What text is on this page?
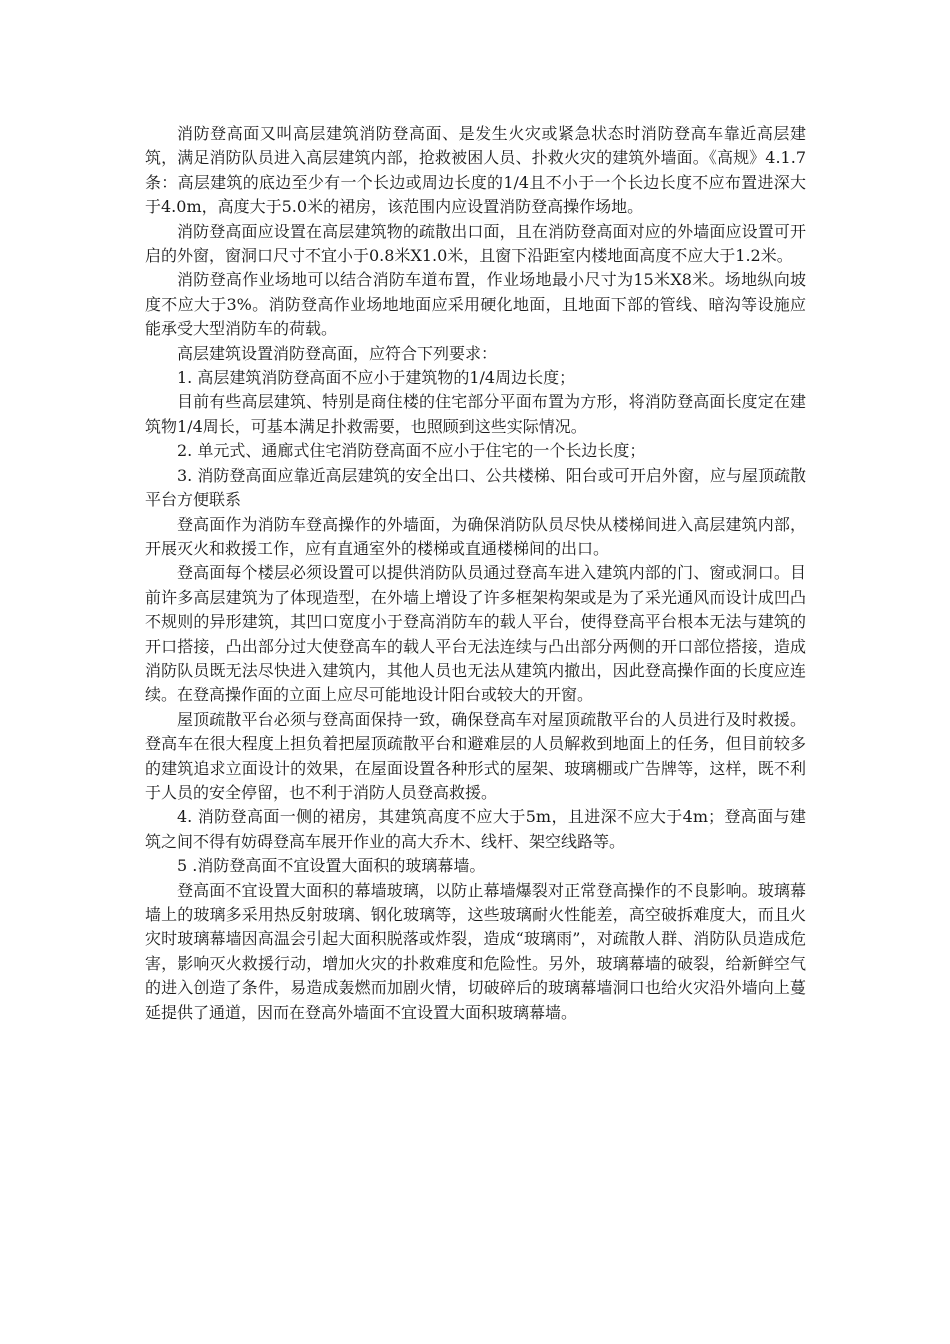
消防登高面又叫高层建筑消防登高面、是发生火灾或紧急状态时消防登高车靠近高层建筑，满足消防队员进入高层建筑内部，抢救被困人员、扑救火灾的建筑外墙面。《高规》4.1.7条：高层建筑的底边至少有一个长边或周边长度的1/4且不小于一个长边长度不应布置进深大于4.0m，高度大于5.0米的裙房，该范围内应设置消防登高操作场地。

消防登高面应设置在高层建筑物的疏散出口面，且在消防登高面对应的外墙面应设置可开启的外窗，窗洞口尺寸不宜小于0.8米X1.0米，且窗下沿距室内楼地面高度不应大于1.2米。

消防登高作业场地可以结合消防车道布置，作业场地最小尺寸为15米X8米。场地纵向坡度不应大于3%。消防登高作业场地地面应采用硬化地面，且地面下部的管线、暗沟等设施应能承受大型消防车的荷载。

高层建筑设置消防登高面，应符合下列要求：

1. 高层建筑消防登高面不应小于建筑物的1/4周边长度；

目前有些高层建筑、特别是商住楼的住宅部分平面布置为方形，将消防登高面长度定在建筑物1/4周长，可基本满足扑救需要，也照顾到这些实际情况。

2. 单元式、通廊式住宅消防登高面不应小于住宅的一个长边长度；

3. 消防登高面应靠近高层建筑的安全出口、公共楼梯、阳台或可开启外窗，应与屋顶疏散平台方便联系

登高面作为消防车登高操作的外墙面，为确保消防队员尽快从楼梯间进入高层建筑内部，开展灭火和救援工作，应有直通室外的楼梯或直通楼梯间的出口。

登高面每个楼层必须设置可以提供消防队员通过登高车进入建筑内部的门、窗或洞口。目前许多高层建筑为了体现造型，在外墙上增设了许多框架构架或是为了采光通风而设计成凹凸不规则的异形建筑，其凹口宽度小于登高消防车的载人平台，使得登高平台根本无法与建筑的开口搭接，凸出部分过大使登高车的载人平台无法连续与凸出部分两侧的开口部位搭接，造成消防队员既无法尽快进入建筑内，其他人员也无法从建筑内撤出，因此登高操作面的长度应连续。在登高操作面的立面上应尽可能地设计阳台或较大的开窗。

屋顶疏散平台必须与登高面保持一致，确保登高车对屋顶疏散平台的人员进行及时救援。登高车在很大程度上担负着把屋顶疏散平台和避难层的人员解救到地面上的任务，但目前较多的建筑追求立面设计的效果，在屋面设置各种形式的屋架、玻璃棚或广告牌等，这样，既不利于人员的安全停留，也不利于消防人员登高救援。

4. 消防登高面一侧的裙房，其建筑高度不应大于5m，且进深不应大于4m；登高面与建筑之间不得有妨碍登高车展开作业的高大乔木、线杆、架空线路等。

5 .消防登高面不宜设置大面积的玻璃幕墙。

登高面不宜设置大面积的幕墙玻璃，以防止幕墙爆裂对正常登高操作的不良影响。玻璃幕墙上的玻璃多采用热反射玻璃、钢化玻璃等，这些玻璃耐火性能差，高空破拆难度大，而且火灾时玻璃幕墙因高温会引起大面积脱落或炸裂，造成“玻璃雨”，对疏散人群、消防队员造成危害，影响灭火救援行动，增加火灾的扑救难度和危险性。另外，玻璃幕墙的破裂，给新鲜空气的进入创造了条件，易造成轰燃而加剧火情，切破碎后的玻璃幕墙洞口也给火灾沿外墙向上蔓延提供了通道，因而在登高外墙面不宜设置大面积玻璃幕墙。
